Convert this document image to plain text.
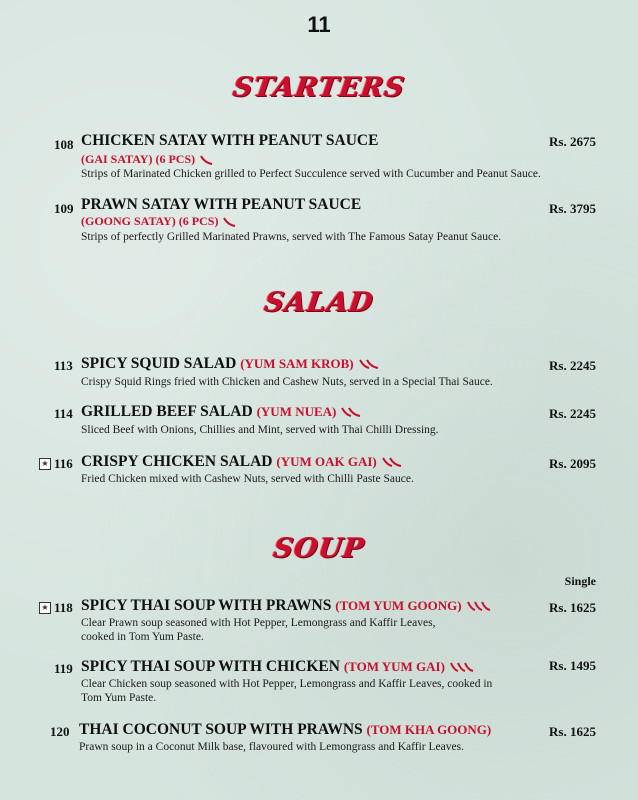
11
STARTERS
108 CHICKEN SATAY WITH PEANUT SAUCE	Rs. 2675
(GAI SATAY) (6 PCS)
Strips of Marinated Chicken grilled to Perfect Succulence served with Cucumber and Peanut Sauce.
109 PRAWN SATAY WITH PEANUT SAUCE	Rs. 3795
(GOONG SATAY) (6 PCS)
Strips of perfectly Grilled Marinated Prawns, served with The Famous Satay Peanut Sauce.
SALAD
113 SPICY SQUID SALAD (YUM SAM KROB)	Rs. 2245
Crispy Squid Rings fried with Chicken and Cashew Nuts, served in a Special Thai Sauce.
114 GRILLED BEEF SALAD (YUM NUEA)	Rs. 2245
Sliced Beef with Onions, Chillies and Mint, served with Thai Chilli Dressing.
★ 116 CRISPY CHICKEN SALAD (YUM OAK GAI)	Rs. 2095
Fried Chicken mixed with Cashew Nuts, served with Chilli Paste Sauce.
SOUP
Single
★ 118 SPICY THAI SOUP WITH PRAWNS (TOM YUM GOONG)	Rs. 1625
Clear Prawn soup seasoned with Hot Pepper, Lemongrass and Kaffir Leaves,
cooked in Tom Yum Paste.
119 SPICY THAI SOUP WITH CHICKEN (TOM YUM GAI)	Rs. 1495
Clear Chicken soup seasoned with Hot Pepper, Lemongrass and Kaffir Leaves, cooked in
Tom Yum Paste.
120 THAI COCONUT SOUP WITH PRAWNS (TOM KHA GOONG)	Rs. 1625
Prawn soup in a Coconut Milk base, flavoured with Lemongrass and Kaffir Leaves.
